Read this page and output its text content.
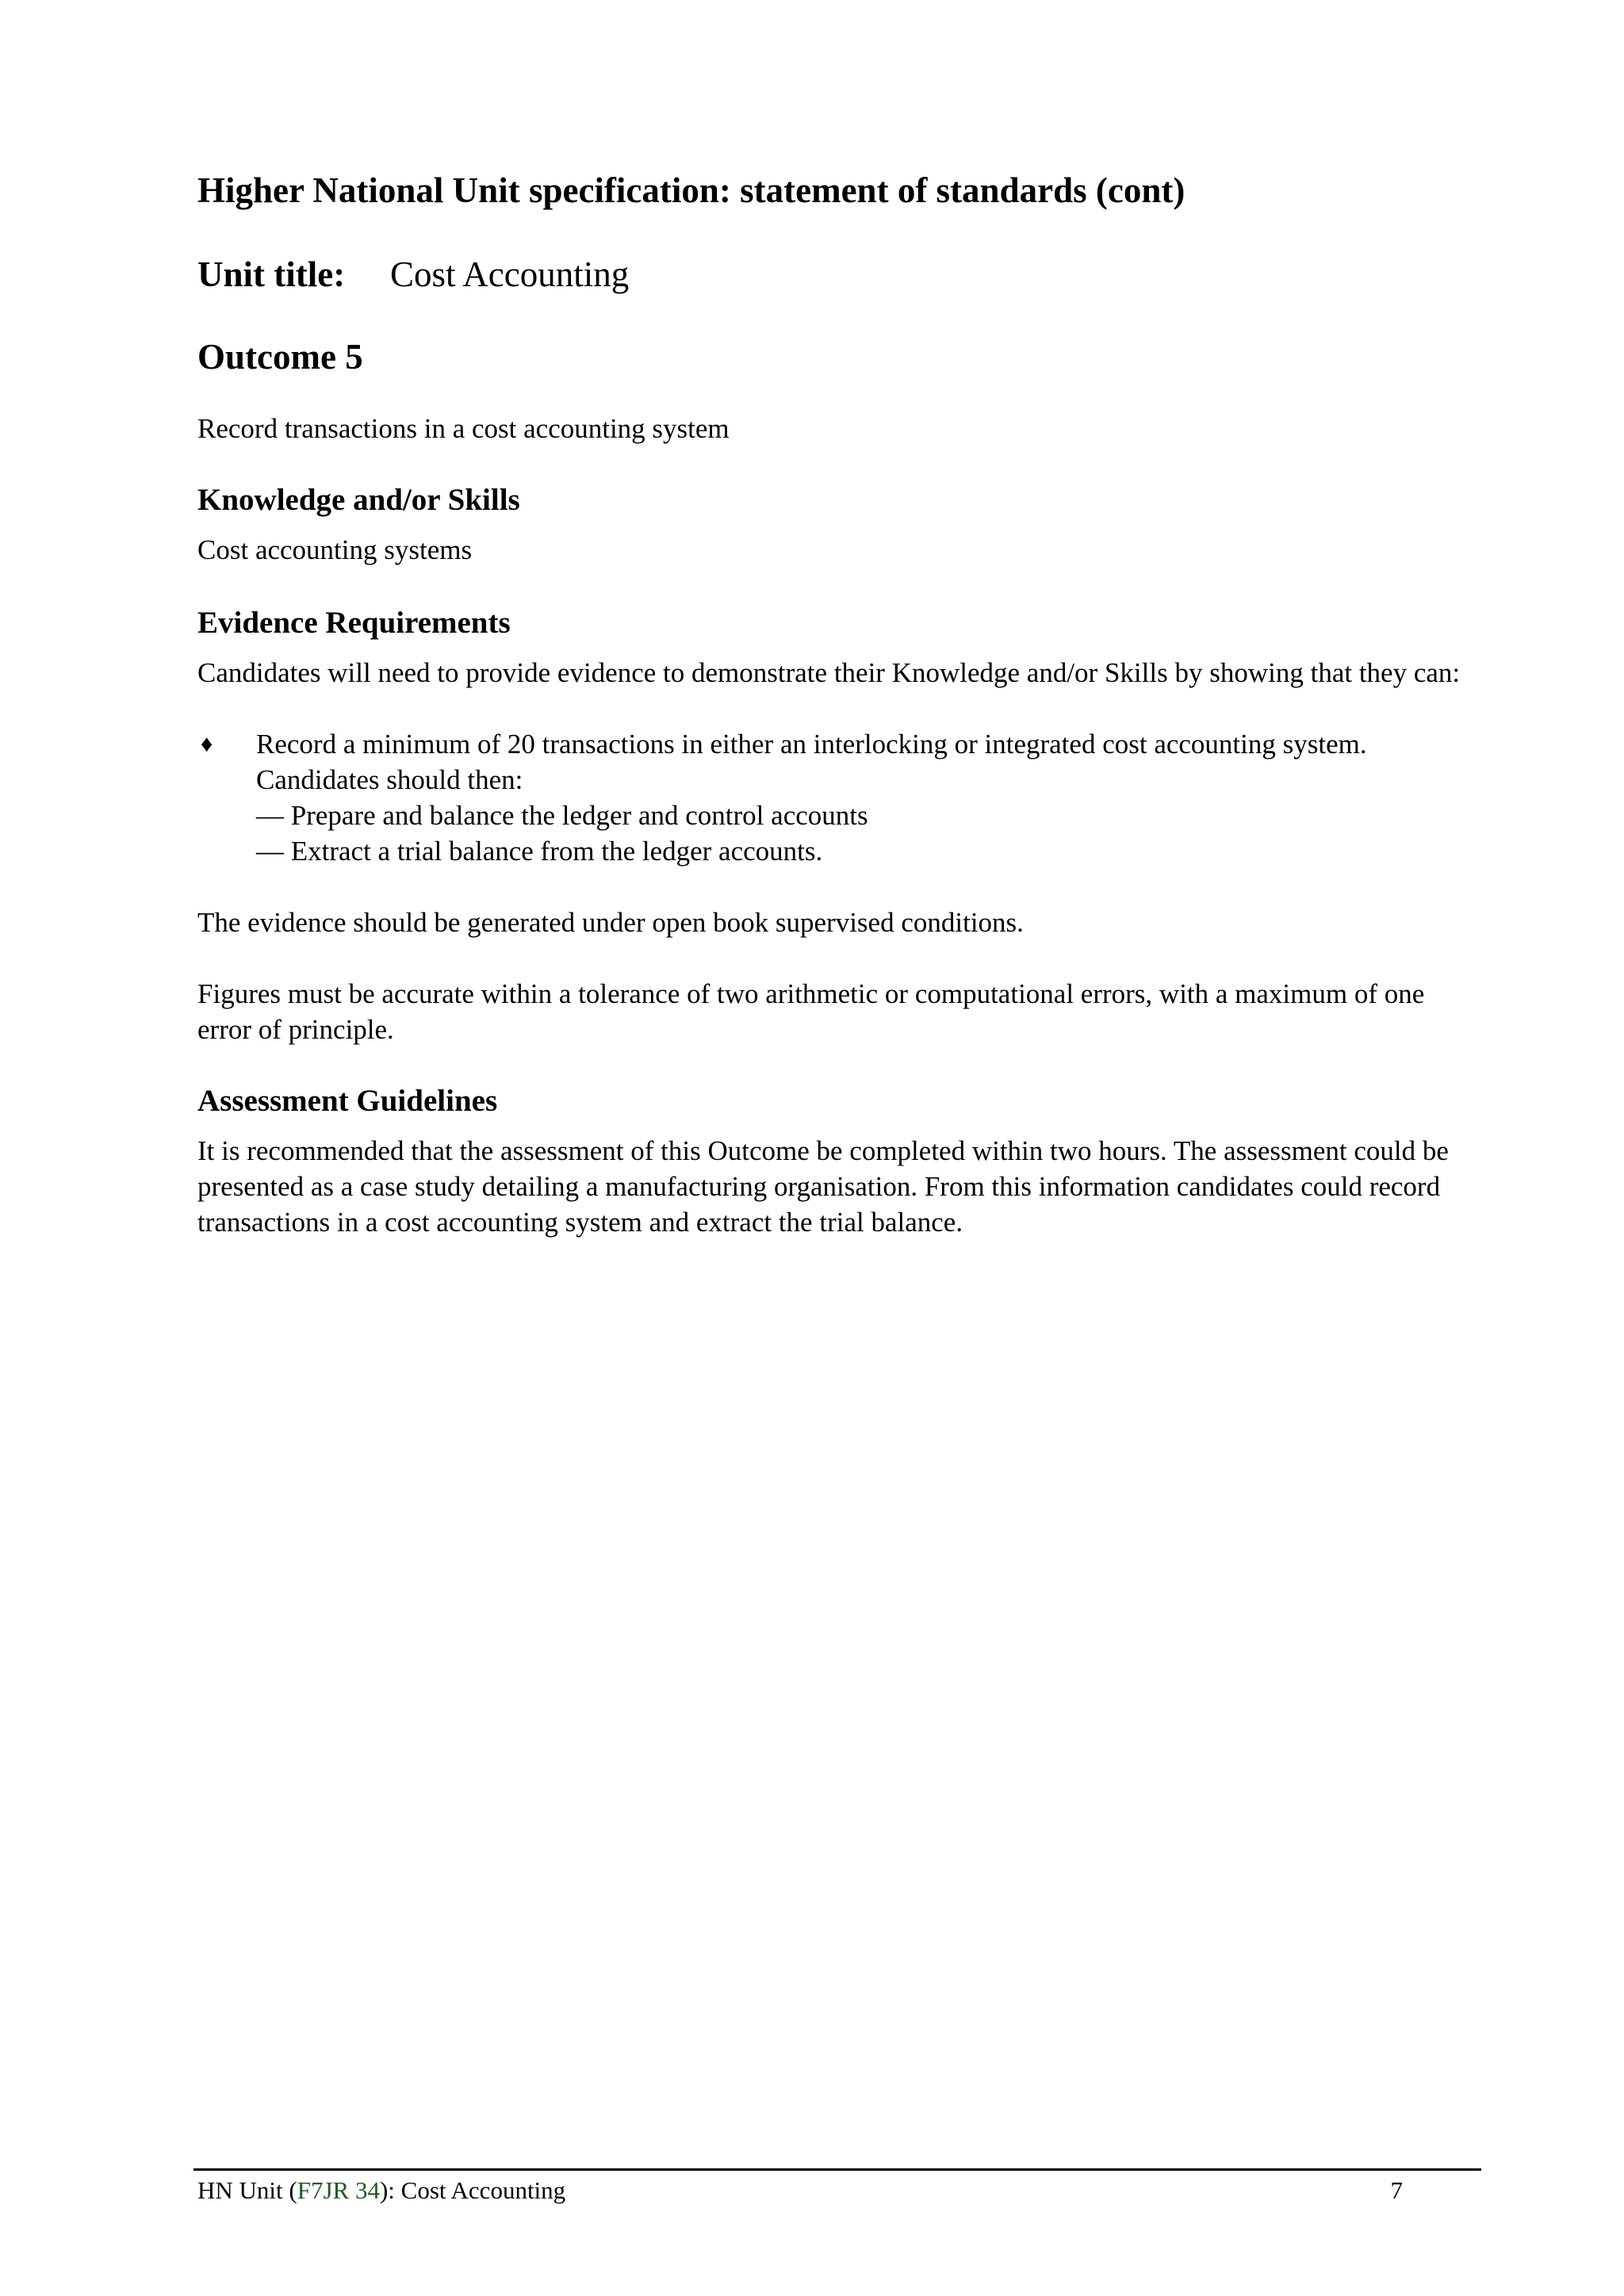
Higher National Unit specification: statement of standards (cont)
Unit title: Cost Accounting
Outcome 5

Record transactions in a cost accounting system

Knowledge and/or Skills

Cost accounting systems

Evidence Requirements

Candidates will need to provide evidence to demonstrate their Knowledge and/or Skills by showing that they can:

♦ Record a minimum of 20 transactions in either an interlocking or integrated cost accounting system.

Candidates should then:

— Prepare and balance the ledger and control accounts

— Extract a trial balance from the ledger accounts.

The evidence should be generated under open book supervised conditions.

Figures must be accurate within a tolerance of two arithmetic or computational errors, with a maximum of one error of principle.

Assessment Guidelines

It is recommended that the assessment of this Outcome be completed within two hours. The assessment could be presented as a case study detailing a manufacturing organisation. From this information candidates could record transactions in a cost accounting system and extract the trial balance.

HN Unit (F7JR 34): Cost Accounting	7
